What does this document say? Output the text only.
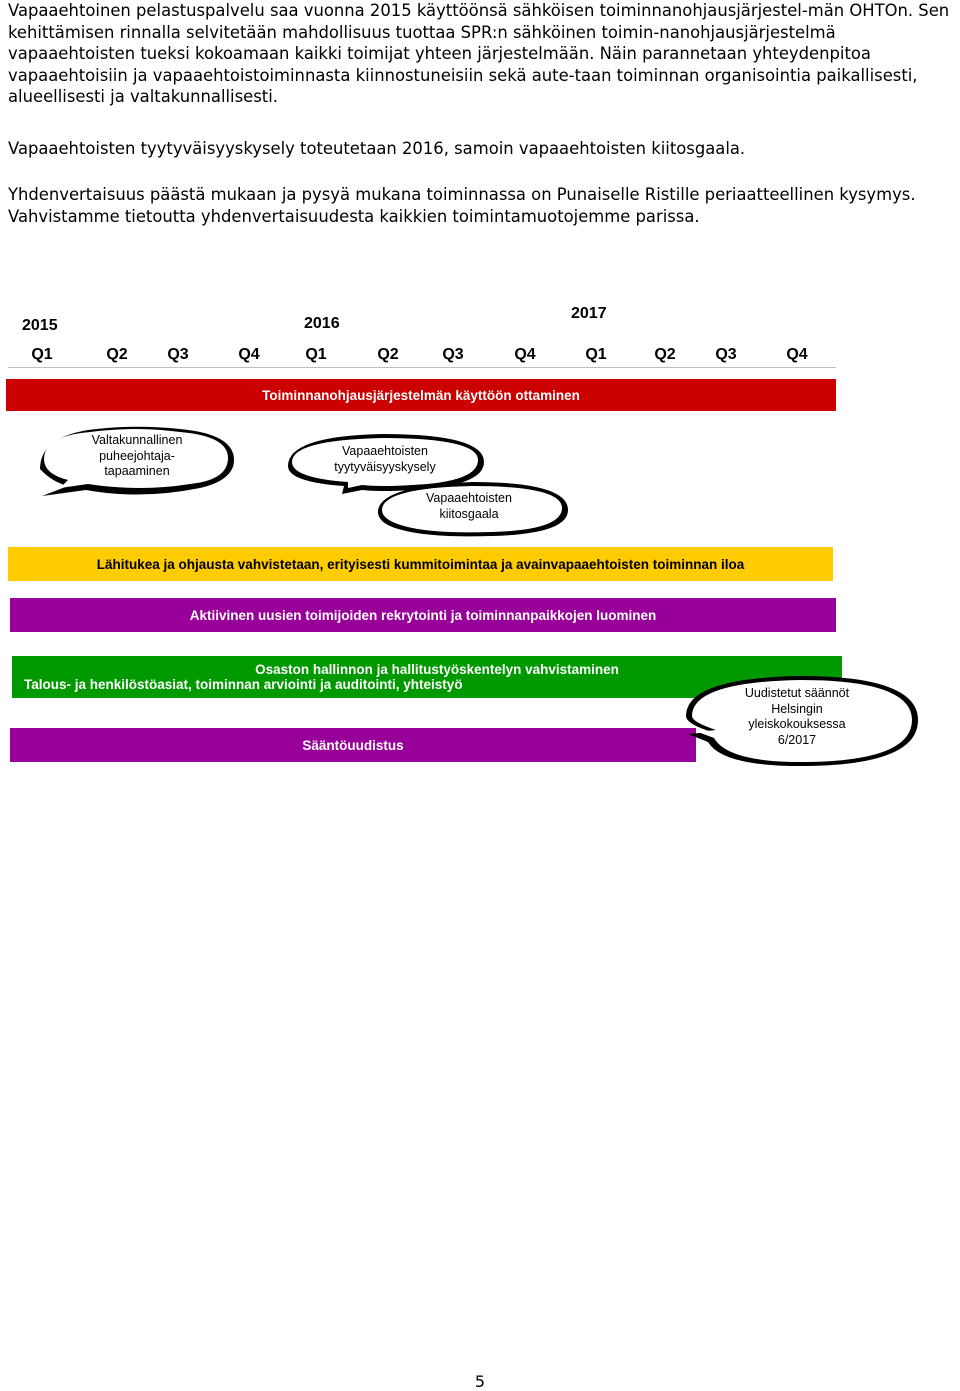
Vapaaehtoinen pelastuspalvelu saa vuonna 2015 käyttöönsä sähköisen toiminnanohjausjärjestel-män OHTOn. Sen kehittämisen rinnalla selvitetään mahdollisuus tuottaa SPR:n sähköinen toimin-nanohjausjärjestelmä vapaaehtoisten tueksi kokoamaan kaikki toimijat yhteen järjestelmään. Näin parannetaan yhteydenpitoa vapaaehtoisiin ja vapaaehtoistoiminnasta kiinnostuneisiin sekä aute-taan toiminnan organisointia paikallisesti, alueellisesti ja valtakunnallisesti.

Vapaaehtoisten tyytyväisyyskysely toteutetaan 2016, samoin vapaaehtoisten kiitosgaala.

Yhdenvertaisuus päästä mukaan ja pysyä mukana toiminnassa on Punaiselle Ristille periaatteellinen kysymys. Vahvistamme tietoutta yhdenvertaisuudesta kaikkien toimintamuotojemme parissa.

2015	2016
2017
Q1	Q2	Q3	Q4	Q1	Q2	Q3	Q4	Q1	Q2	Q3	Q4
Toiminnanohjausjärjestelmän käyttöön ottaminen
Lähitukea ja ohjausta vahvistetaan, erityisesti kummitoimintaa ja avainvapaaehtoisten toiminnan iloa
Aktiivinen uusien toimijoiden rekrytointi ja toiminnanpaikkojen luominen
Osaston hallinnon ja hallitustyöskentelyn vahvistaminen
Talous- ja henkilöstöasiat, toiminnan arviointi ja auditointi, yhteistyö
Sääntöuudistus
Valtakunnallinen
puheejohtaja-
tapaaminen
Vapaaehtoisten
tyytyväisyyskysely
Vapaaehtoisten
kiitosgaala
Uudistetut säännöt
Helsingin
yleiskokouksessa
6/2017
5
